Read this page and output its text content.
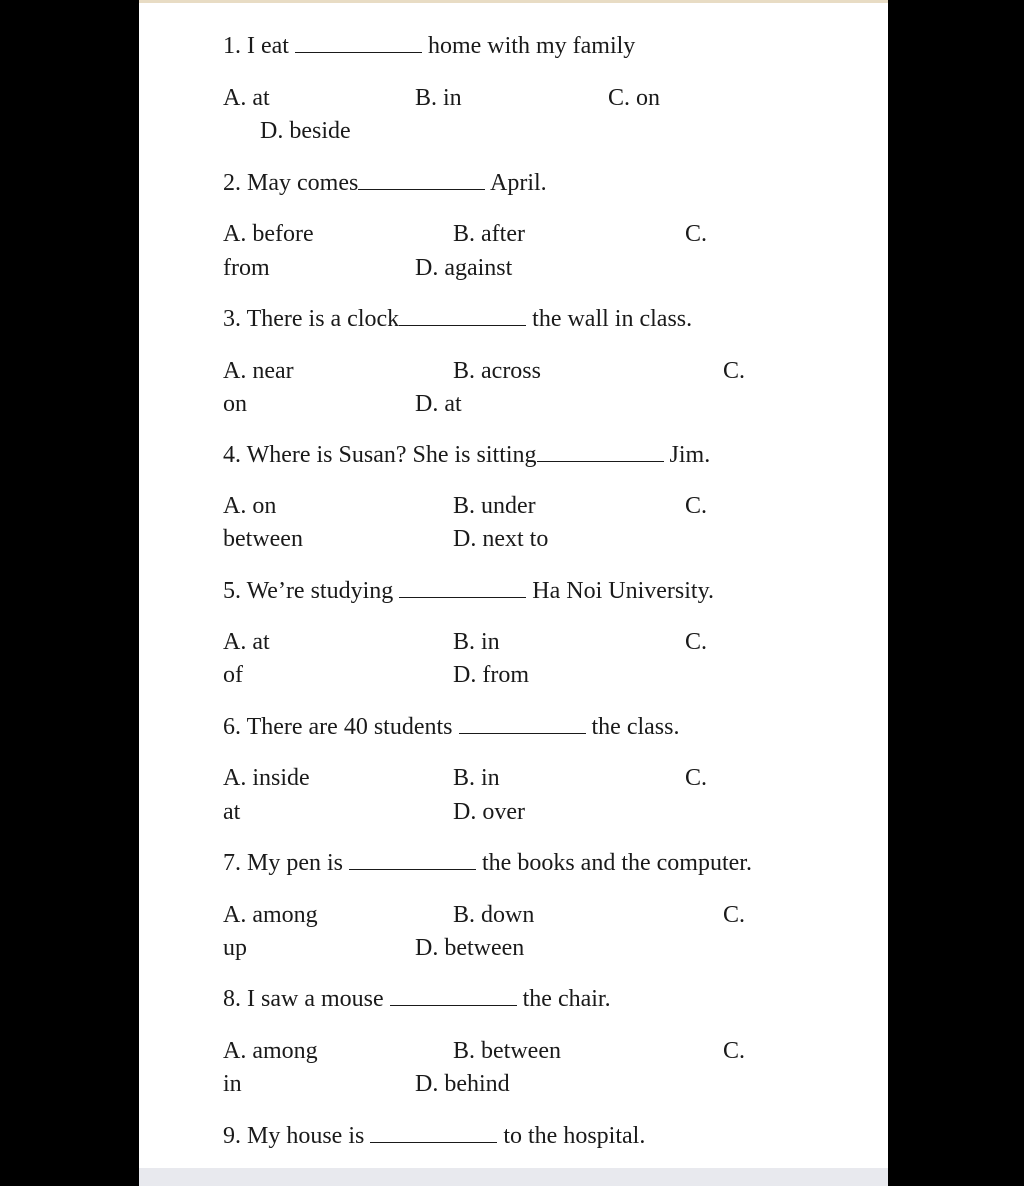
1. I eat	home with my family
A. at	B. in	C. on
D. beside
2. May comes	April.
A. before	B. after	C.
from	D. against
3. There is a clock	the wall in class.
A. near	B. across	C.
on	D. at
4. Where is Susan? She is sitting	Jim.
A. on	B. under	C.
between	D. next to
5. We’re studying	Ha Noi University.
A. at	B. in	C.
of	D. from
6. There are 40 students	the class.
A. inside	B. in	C.
at	D. over
7. My pen is	the books and the computer.
A. among	B. down	C.
up	D. between
8. I saw a mouse	the chair.
A. among	B. between	C.
in	D. behind
9. My house is	to the hospital.
